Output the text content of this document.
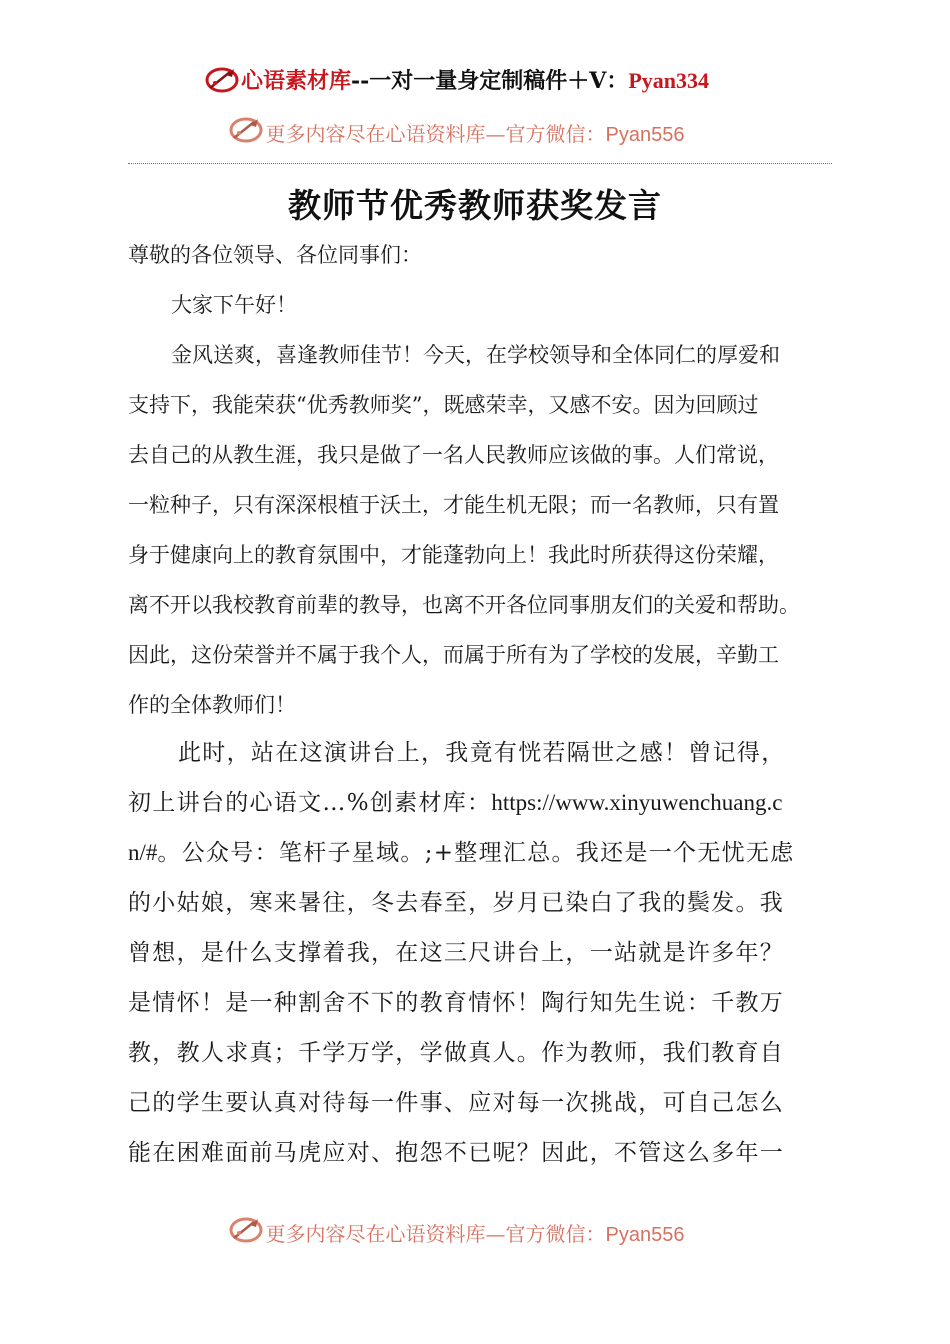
心语素材库--一对一量身定制稿件＋V：Pyan334
更多内容尽在心语资料库—官方微信：Pyan556
教师节优秀教师获奖发言
尊敬的各位领导、各位同事们：
大家下午好！
金风送爽，喜逢教师佳节！今天，在学校领导和全体同仁的厚爱和
支持下，我能荣获“优秀教师奖”，既感荣幸，又感不安。因为回顾过
去自己的从教生涯，我只是做了一名人民教师应该做的事。人们常说，
一粒种子，只有深深根植于沃土，才能生机无限；而一名教师，只有置
身于健康向上的教育氛围中，才能蓬勃向上！我此时所获得这份荣耀，
离不开以我校教育前辈的教导，也离不开各位同事朋友们的关爱和帮助。
因此，这份荣誉并不属于我个人，而属于所有为了学校的发展，辛勤工
作的全体教师们！
此时，站在这演讲台上，我竟有恍若隔世之感！曾记得，
初上讲台的心语文…%创素材库：https://www.xinyuwenchuang.c
n/#。公众号：笔杆子星域。;+整理汇总。我还是一个无忧无虑
的小姑娘，寒来暑往，冬去春至，岁月已染白了我的鬓发。我
曾想，是什么支撑着我，在这三尺讲台上，一站就是许多年？
是情怀！是一种割舍不下的教育情怀！陶行知先生说：千教万
教，教人求真；千学万学，学做真人。作为教师，我们教育自
己的学生要认真对待每一件事、应对每一次挑战，可自己怎么
能在困难面前马虎应对、抱怨不已呢？因此，不管这么多年一
更多内容尽在心语资料库—官方微信：Pyan556
